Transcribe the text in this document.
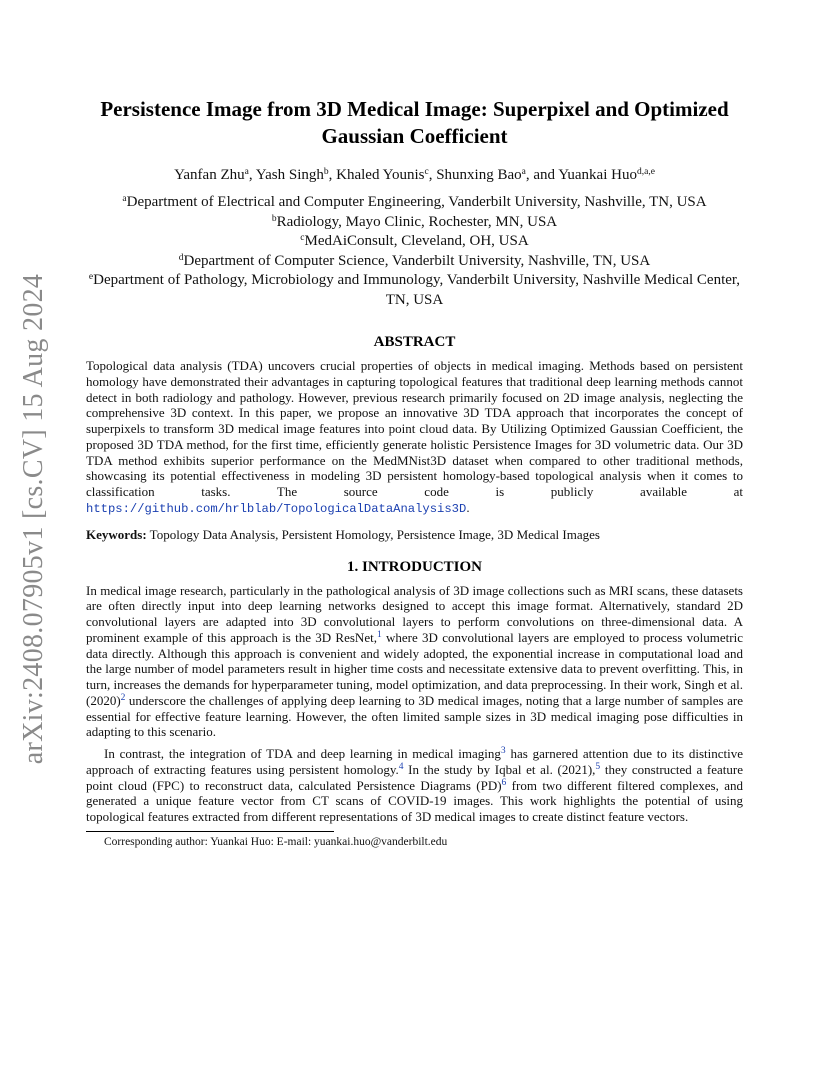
arXiv:2408.07905v1 [cs.CV] 15 Aug 2024
Persistence Image from 3D Medical Image: Superpixel and Optimized Gaussian Coefficient
Yanfan Zhu$^a$, Yash Singh$^b$, Khaled Younis$^c$, Shunxing Bao$^a$, and Yuankai Huo$^{d,a,e}$
$^a$Department of Electrical and Computer Engineering, Vanderbilt University, Nashville, TN, USA
$^b$Radiology, Mayo Clinic, Rochester, MN, USA
$^c$MedAiConsult, Cleveland, OH, USA
$^d$Department of Computer Science, Vanderbilt University, Nashville, TN, USA
$^e$Department of Pathology, Microbiology and Immunology, Vanderbilt University, Nashville Medical Center, TN, USA
ABSTRACT

Topological data analysis (TDA) uncovers crucial properties of objects in medical imaging. Methods based on persistent homology have demonstrated their advantages in capturing topological features that traditional deep learning methods cannot detect in both radiology and pathology. However, previous research primarily focused on 2D image analysis, neglecting the comprehensive 3D context. In this paper, we propose an innovative 3D TDA approach that incorporates the concept of superpixels to transform 3D medical image features into point cloud data. By Utilizing Optimized Gaussian Coefficient, the proposed 3D TDA method, for the first time, efficiently generate holistic Persistence Images for 3D volumetric data. Our 3D TDA method exhibits superior performance on the MedMNist3D dataset when compared to other traditional methods, showcasing its potential effectiveness in modeling 3D persistent homology-based topological analysis when it comes to classification tasks. The source code is publicly available at https://github.com/hrlblab/TopologicalDataAnalysis3D.

Keywords: Topology Data Analysis, Persistent Homology, Persistence Image, 3D Medical Images

1. INTRODUCTION

In medical image research, particularly in the pathological analysis of 3D image collections such as MRI scans, these datasets are often directly input into deep learning networks designed to accept this image format. Alternatively, standard 2D convolutional layers are adapted into 3D convolutional layers to perform convolutions on three-dimensional data. A prominent example of this approach is the 3D ResNet,$^1$ where 3D convolutional layers are employed to process volumetric data directly. Although this approach is convenient and widely adopted, the exponential increase in computational load and the large number of model parameters result in higher time costs and necessitate extensive data to prevent overfitting. This, in turn, increases the demands for hyperparameter tuning, model optimization, and data preprocessing. In their work, Singh et al. (2020)$^2$ underscore the challenges of applying deep learning to 3D medical images, noting that a large number of samples are essential for effective feature learning. However, the often limited sample sizes in 3D medical imaging pose difficulties in adapting to this scenario.

In contrast, the integration of TDA and deep learning in medical imaging$^3$ has garnered attention due to its distinctive approach of extracting features using persistent homology.$^4$ In the study by Iqbal et al. (2021),$^5$ they constructed a feature point cloud (FPC) to reconstruct data, calculated Persistence Diagrams (PD)$^6$ from two different filtered complexes, and generated a unique feature vector from CT scans of COVID-19 images. This work highlights the potential of using topological features extracted from different representations of 3D medical images to create distinct feature vectors.

Corresponding author: Yuankai Huo: E-mail: yuankai.huo@vanderbilt.edu
